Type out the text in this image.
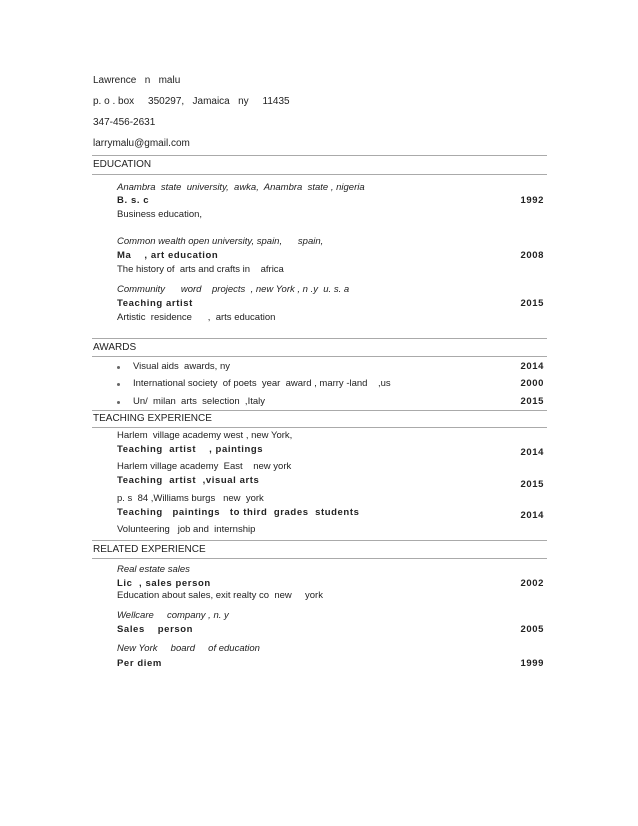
Lawrence   n   malu
p. o . box     350297,   Jamaica   ny     11435
347-456-2631
larrymalu@gmail.com
EDUCATION
Anambra  state  university,  awka,  Anambra  state , nigeria
B. s. c	1992
Business education,
Common wealth open university, spain,      spain,
Ma    , art education	2008
The history of  arts and crafts in    africa
Community      word    projects  , new York , n .y  u. s. a
Teaching artist	2015
Artistic  residence      ,  arts education
AWARDS
Visual aids  awards, ny	2014
International society  of poets  year  award , marry -land    ,us	2000
Un/  milan  arts  selection  ,Italy	2015
TEACHING EXPERIENCE
Harlem  village academy west , new York,
Teaching  artist    , paintings	2014
Harlem village academy  East    new york
Teaching  artist  ,visual arts	2015
p. s  84 ,Williams burgs   new  york
Teaching   paintings   to third  grades  students	2014
Volunteering   job and  internship
RELATED EXPERIENCE
Real estate sales
Lic  , sales person	2002
Education about sales, exit realty co  new     york
Wellcare     company , n. y
Sales    person	2005
New York     board     of education
Per diem	1999
